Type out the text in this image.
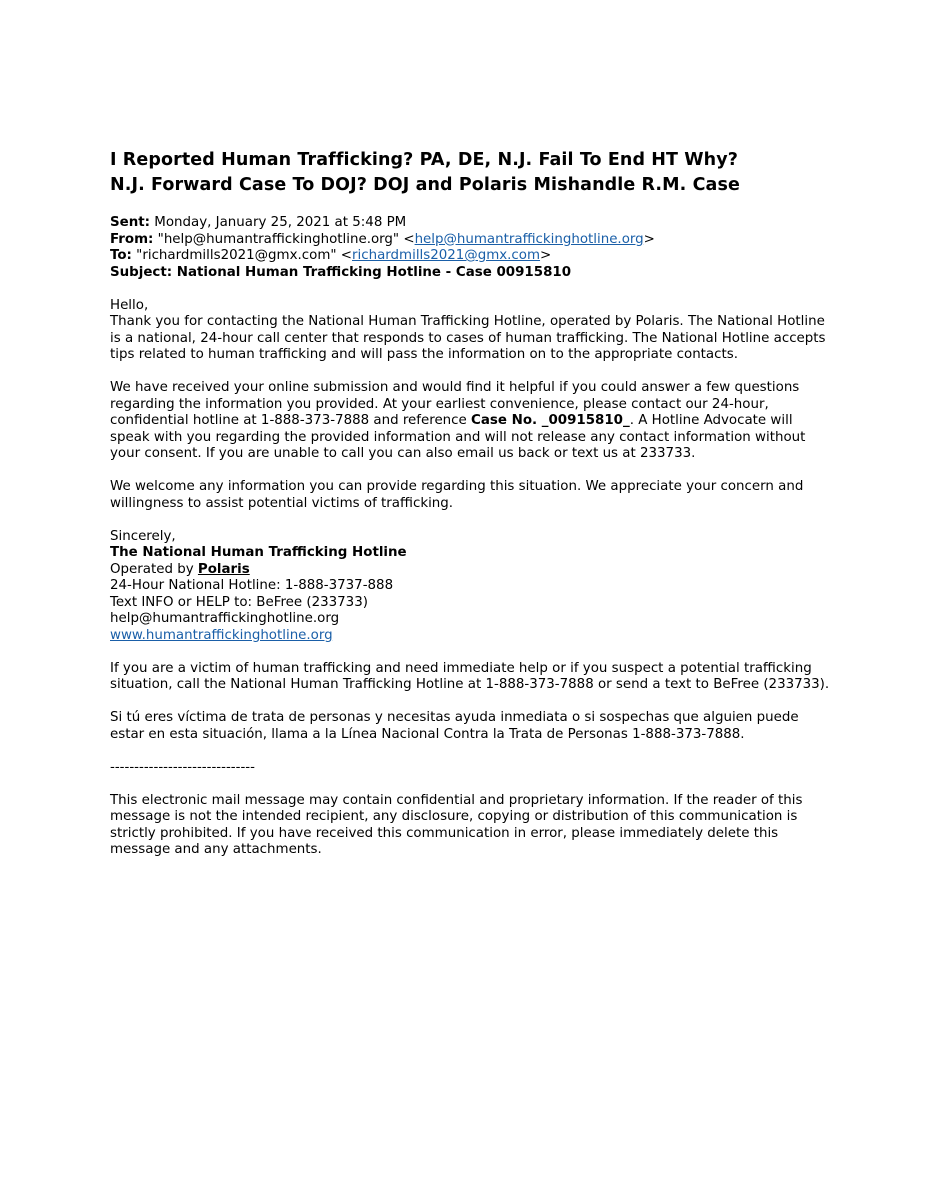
I Reported Human Trafficking? PA, DE, N.J. Fail To End HT Why?
N.J. Forward Case To DOJ? DOJ and Polaris Mishandle R.M. Case
Sent: Monday, January 25, 2021 at 5:48 PM
From: "help@humantraffickinghotline.org" <help@humantraffickinghotline.org>
To: "richardmills2021@gmx.com" <richardmills2021@gmx.com>
Subject: National Human Trafficking Hotline - Case 00915810

Hello,

Thank you for contacting the National Human Trafficking Hotline, operated by Polaris. The National Hotline is a national, 24-hour call center that responds to cases of human trafficking. The National Hotline accepts tips related to human trafficking and will pass the information on to the appropriate contacts.

We have received your online submission and would find it helpful if you could answer a few questions regarding the information you provided. At your earliest convenience, please contact our 24-hour, confidential hotline at 1-888-373-7888 and reference Case No. _00915810_. A Hotline Advocate will speak with you regarding the provided information and will not release any contact information without your consent. If you are unable to call you can also email us back or text us at 233733.

We welcome any information you can provide regarding this situation. We appreciate your concern and willingness to assist potential victims of trafficking.

Sincerely,

The National Human Trafficking Hotline

Operated by Polaris

24-Hour National Hotline: 1-888-3737-888

Text INFO or HELP to: BeFree (233733)

help@humantraffickinghotline.org

www.humantraffickinghotline.org

If you are a victim of human trafficking and need immediate help or if you suspect a potential trafficking situation, call the National Human Trafficking Hotline at 1-888-373-7888 or send a text to BeFree (233733).

Si tú eres víctima de trata de personas y necesitas ayuda inmediata o si sospechas que alguien puede estar en esta situación, llama a la Línea Nacional Contra la Trata de Personas 1-888-373-7888.

------------------------------

This electronic mail message may contain confidential and proprietary information. If the reader of this message is not the intended recipient, any disclosure, copying or distribution of this communication is strictly prohibited. If you have received this communication in error, please immediately delete this message and any attachments.
